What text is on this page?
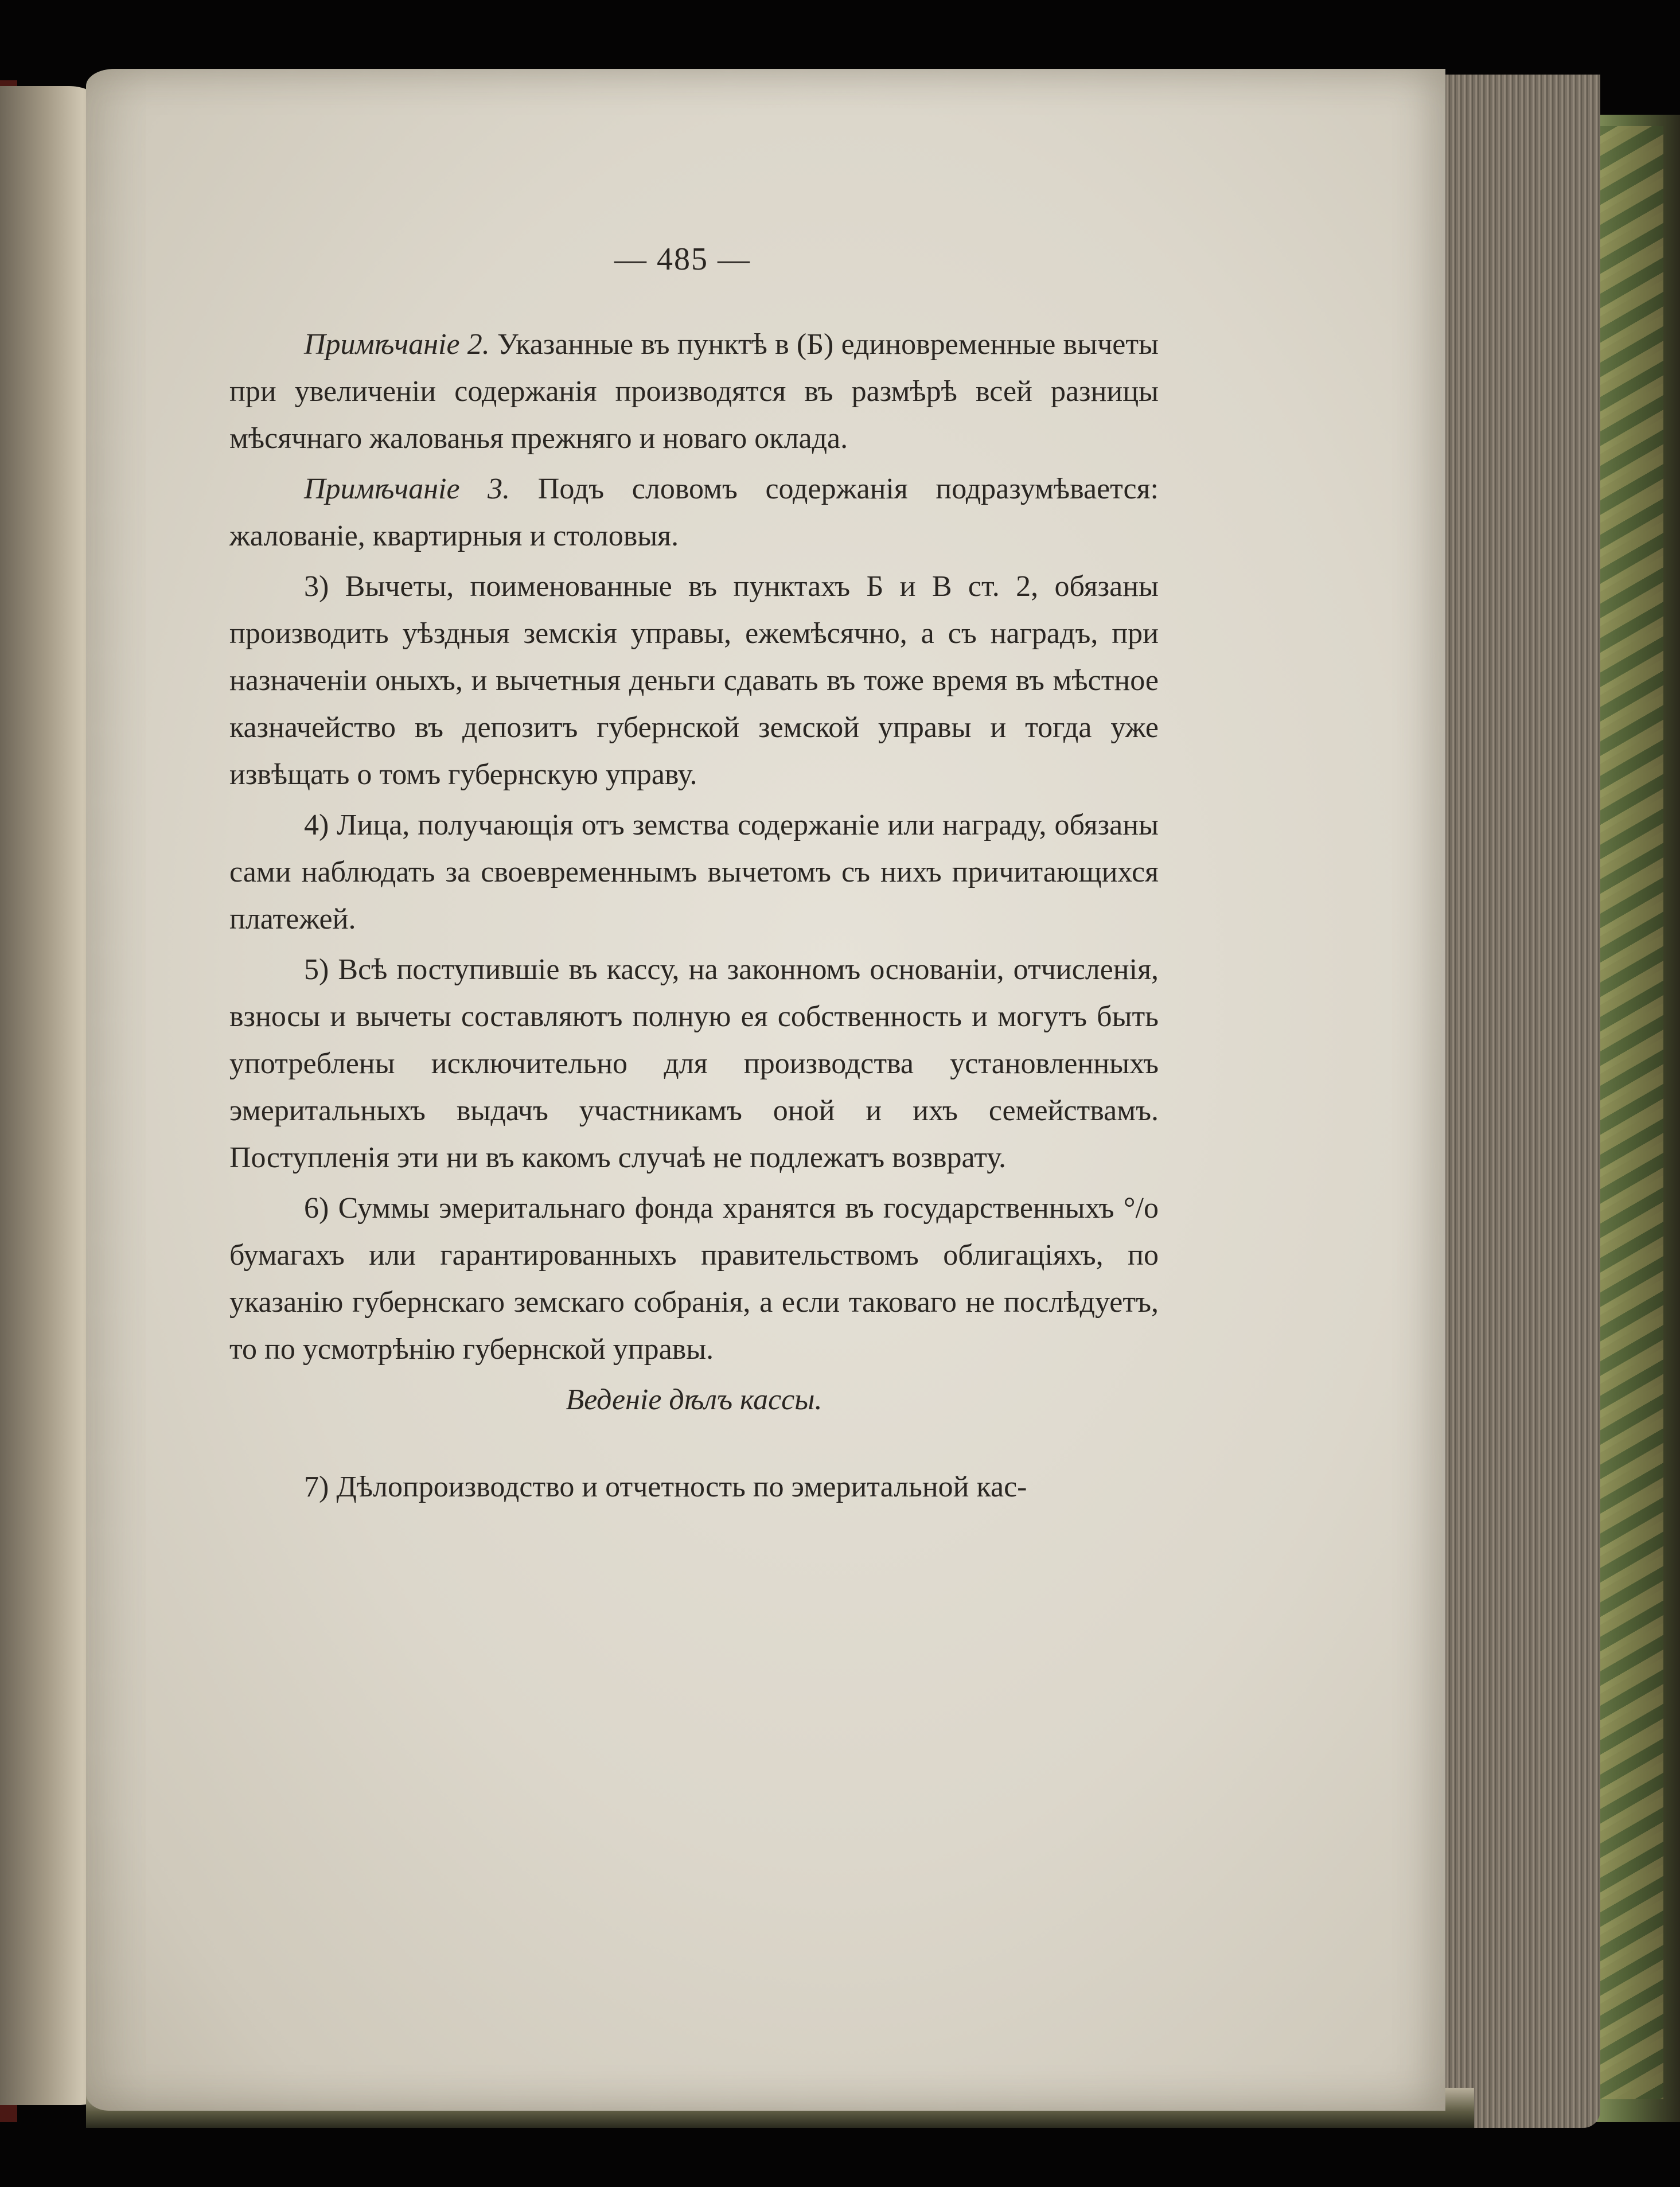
— 485 —

Примѣчаніе 2. Указанные въ пунктѣ в (Б) единовременные вычеты при увеличеніи содержанія производятся въ размѣрѣ всей разницы мѣсячнаго жалованья прежняго и новаго оклада.

Примѣчаніе 3. Подъ словомъ содержанія подразумѣвается: жалованіе, квартирныя и столовыя.

3) Вычеты, поименованные въ пунктахъ Б и В ст. 2, обязаны производить уѣздныя земскія управы, ежемѣсячно, а съ наградъ, при назначеніи оныхъ, и вычетныя деньги сдавать въ тоже время въ мѣстное казначейство въ депозитъ губернской земской управы и тогда уже извѣщать о томъ губернскую управу.

4) Лица, получающія отъ земства содержаніе или награду, обязаны сами наблюдать за своевременнымъ вычетомъ съ нихъ причитающихся платежей.

5) Всѣ поступившіе въ кассу, на законномъ основаніи, отчисленія, взносы и вычеты составляютъ полную ея собственность и могутъ быть употреблены исключительно для производства установленныхъ эмеритальныхъ выдачъ участникамъ оной и ихъ семействамъ. Поступленія эти ни въ какомъ случаѣ не подлежатъ возврату.

6) Суммы эмеритальнаго фонда хранятся въ государственныхъ °/o бумагахъ или гарантированныхъ правительствомъ облигаціяхъ, по указанію губернскаго земскаго собранія, а если таковаго не послѣдуетъ, то по усмотрѣнію губернской управы.

Веденіе дѣлъ кассы.

7) Дѣлопроизводство и отчетность по эмеритальной кас-
